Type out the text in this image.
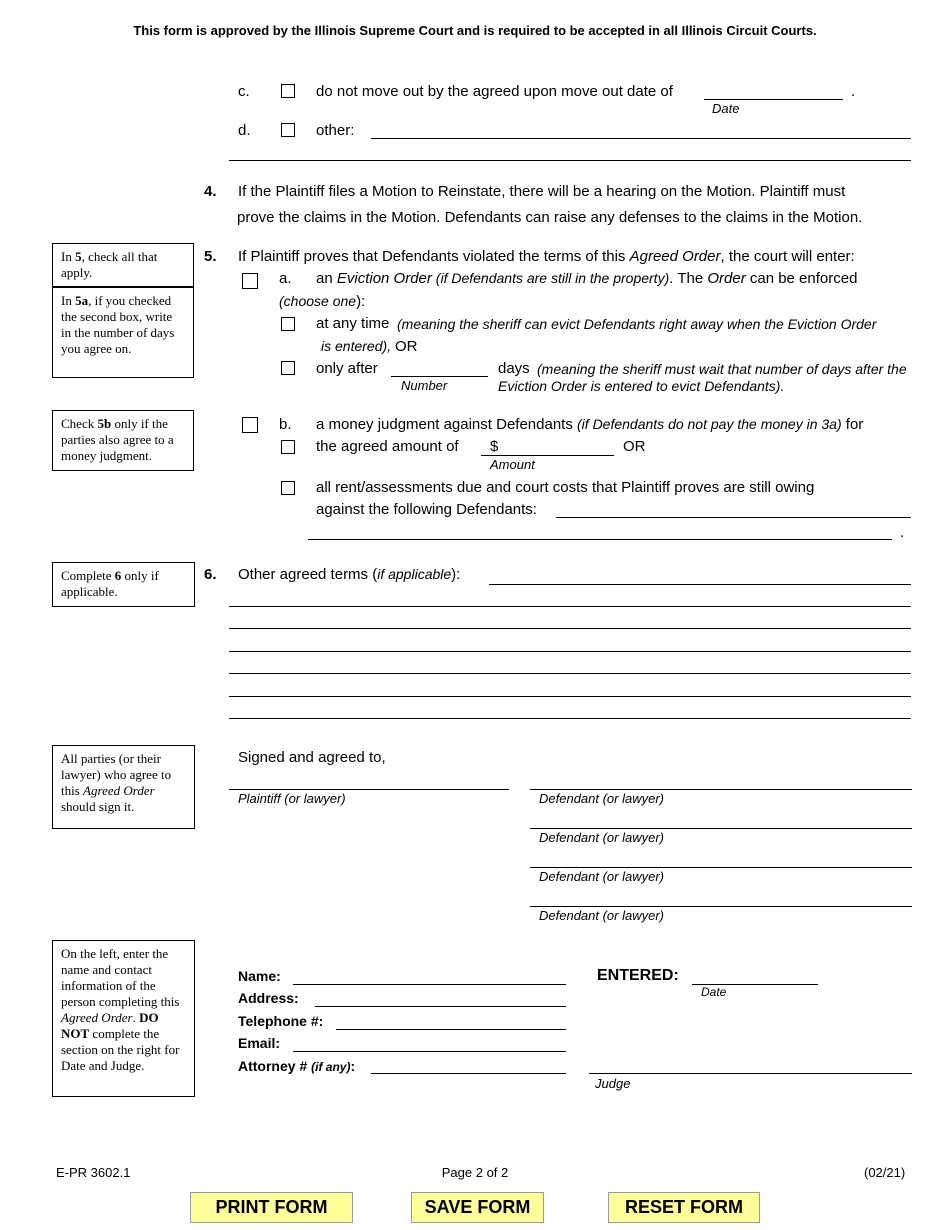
This form is approved by the Illinois Supreme Court and is required to be accepted in all Illinois Circuit Courts.
c.	do not move out by the agreed upon move out date of	.
Date
d.	other:
4. If the Plaintiff files a Motion to Reinstate, there will be a hearing on the Motion. Plaintiff must
prove the claims in the Motion. Defendants can raise any defenses to the claims in the Motion.
In 5, check all that apply.
In 5a, if you checked the second box, write in the number of days you agree on.
5. If Plaintiff proves that Defendants violated the terms of this Agreed Order, the court will enter:
a. an Eviction Order (if Defendants are still in the property). The Order can be enforced
(choose one):
at any time (meaning the sheriff can evict Defendants right away when the Eviction Order
is entered), OR
only after
Number
days (meaning the sheriff must wait that number of days after the
Eviction Order is entered to evict Defendants).
Check 5b only if the parties also agree to a money judgment.
b. a money judgment against Defendants (if Defendants do not pay the money in 3a) for
the agreed amount of $	OR
Amount
all rent/assessments due and court costs that Plaintiff proves are still owing
against the following Defendants:
.
Complete 6 only if applicable.
6. Other agreed terms (if applicable):
All parties (or their lawyer) who agree to this Agreed Order should sign it.
Signed and agreed to,
Plaintiff (or lawyer)	Defendant (or lawyer)
Defendant (or lawyer)
Defendant (or lawyer)
Defendant (or lawyer)
On the left, enter the name and contact information of the person completing this Agreed Order. DO NOT complete the section on the right for Date and Judge.
Name:
Address:
Telephone #:
Email:
Attorney # (if any):
ENTERED:
Date
Judge
E-PR 3602.1	Page 2 of 2	(02/21)
PRINT FORM	SAVE FORM	RESET FORM
